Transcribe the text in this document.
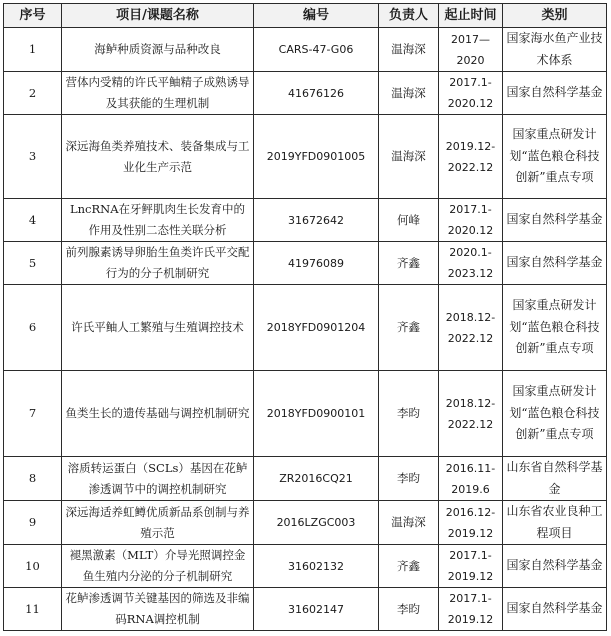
序号	项目/课题名称	编号	负责人	起止时间	类别
1	海鲈种质资源与品种改良	CARS-47-G06	温海深	2017—2020	国家海水鱼产业技术体系
2	营体内受精的许氏平鲉精子成熟诱导及其获能的生理机制	41676126	温海深	2017.1-2020.12	国家自然科学基金
3	深远海鱼类养殖技术、装备集成与工业化生产示范	2019YFD0901005	温海深	2019.12-2022.12	国家重点研发计划“蓝色粮仓科技创新”重点专项
4	LncRNA在牙鲆肌肉生长发育中的作用及性别二态性关联分析	31672642	何峰	2017.1-2020.12	国家自然科学基金
5	前列腺素诱导卵胎生鱼类许氏平交配行为的分子机制研究	41976089	齐鑫	2020.1-2023.12	国家自然科学基金
6	许氏平鲉人工繁殖与生殖调控技术	2018YFD0901204	齐鑫	2018.12-2022.12	国家重点研发计划“蓝色粮仓科技创新”重点专项
7	鱼类生长的遗传基础与调控机制研究	2018YFD0900101	李昀	2018.12-2022.12	国家重点研发计划“蓝色粮仓科技创新”重点专项
8	溶质转运蛋白（SCLs）基因在花鲈渗透调节中的调控机制研究	ZR2016CQ21	李昀	2016.11-2019.6	山东省自然科学基金
9	深远海适养虹鳟优质新品系创制与养殖示范	2016LZGC003	温海深	2016.12-2019.12	山东省农业良种工程项目
10	褪黑激素（MLT）介导光照调控金鱼生殖内分泌的分子机制研究	31602132	齐鑫	2017.1-2019.12	国家自然科学基金
11	花鲈渗透调节关键基因的筛选及非编码RNA调控机制	31602147	李昀	2017.1-2019.12	国家自然科学基金
